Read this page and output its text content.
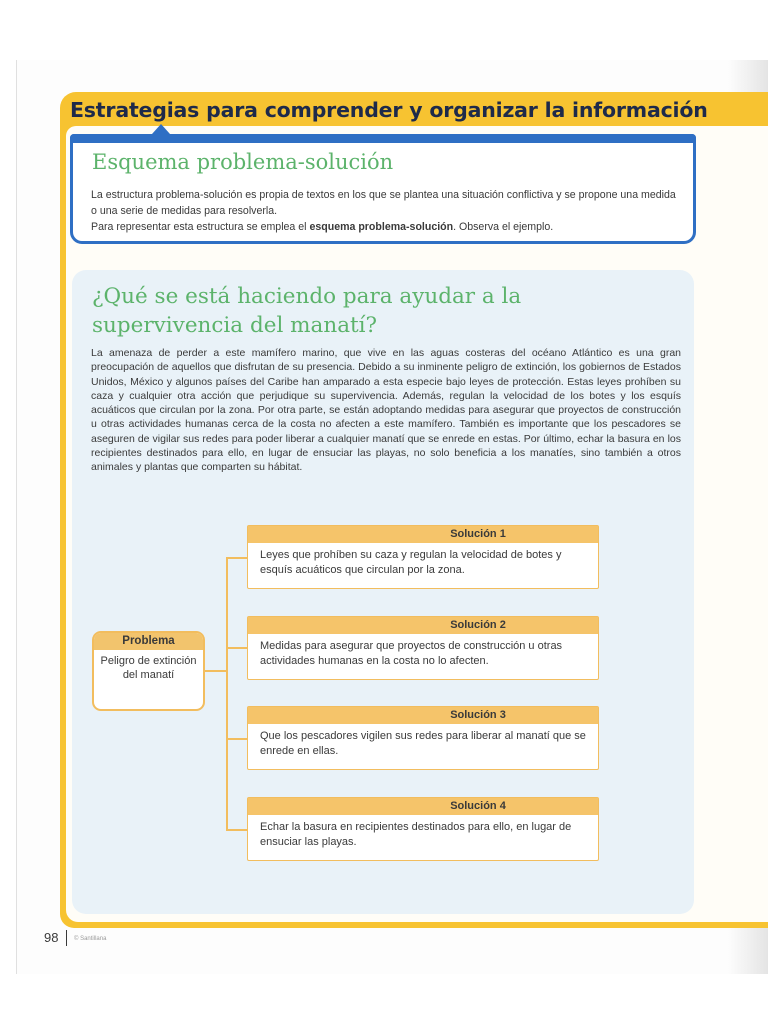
Estrategias para comprender y organizar la información
Esquema problema-solución

La estructura problema-solución es propia de textos en los que se plantea una situación conflictiva y se propone una medida o una serie de medidas para resolverla.

Para representar esta estructura se emplea el esquema problema-solución. Observa el ejemplo.

¿Qué se está haciendo para ayudar a la supervivencia del manatí?

La amenaza de perder a este mamífero marino, que vive en las aguas costeras del océano Atlántico es una gran preocupación de aquellos que disfrutan de su presencia. Debido a su inminente peligro de extinción, los gobiernos de Estados Unidos, México y algunos países del Caribe han amparado a esta especie bajo leyes de protección. Estas leyes prohíben su caza y cualquier otra acción que perjudique su supervivencia. Además, regulan la velocidad de los botes y los esquís acuáticos que circulan por la zona. Por otra parte, se están adoptando medidas para asegurar que proyectos de construcción u otras actividades humanas cerca de la costa no afecten a este mamífero. También es importante que los pescadores se aseguren de vigilar sus redes para poder liberar a cualquier manatí que se enrede en estas. Por último, echar la basura en los recipientes destinados para ello, en lugar de ensuciar las playas, no solo beneficia a los manatíes, sino también a otros animales y plantas que comparten su hábitat.

Problema
Peligro de extinción del manatí
Solución 1
Leyes que prohíben su caza y regulan la velocidad de botes y esquís acuáticos que circulan por la zona.
Solución 2
Medidas para asegurar que proyectos de construcción u otras actividades humanas en la costa no lo afecten.
Solución 3
Que los pescadores vigilen sus redes para liberar al manatí que se enrede en ellas.
Solución 4
Echar la basura en recipientes destinados para ello, en lugar de ensuciar las playas.
98	© Santillana
